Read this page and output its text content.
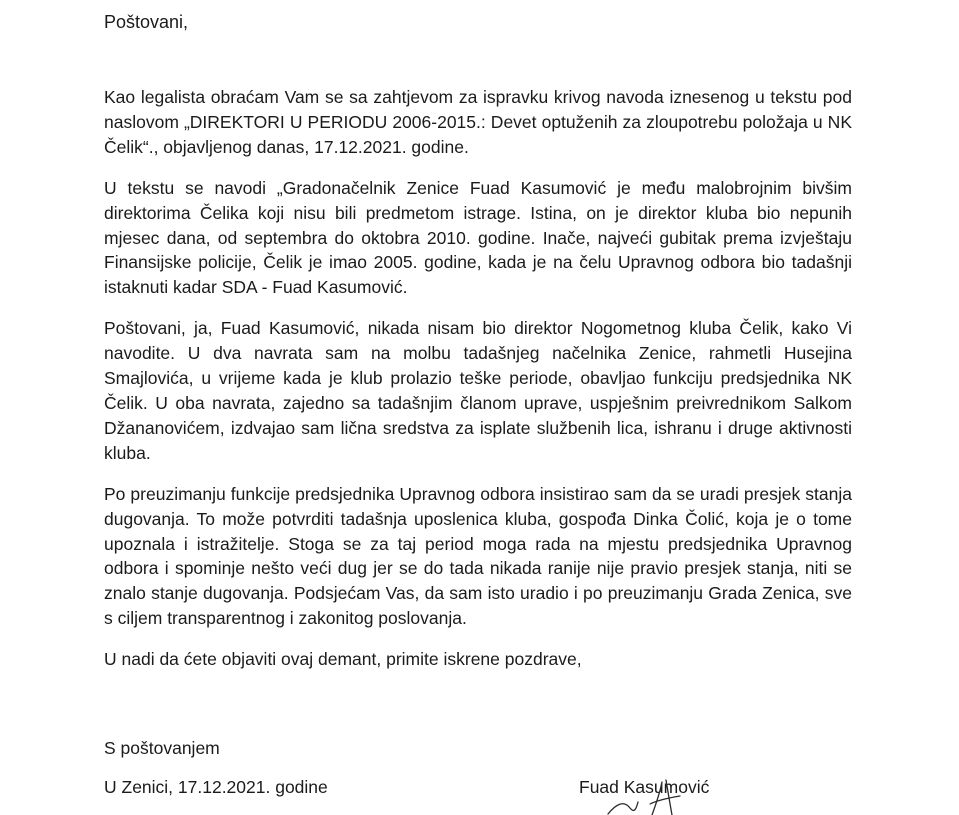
Poštovani,

Kao legalista obraćam Vam se sa zahtjevom za ispravku krivog navoda iznesenog u tekstu pod naslovom „DIREKTORI U PERIODU 2006-2015.: Devet optuženih za zloupotrebu položaja u NK Čelik“., objavljenog danas, 17.12.2021. godine.

U tekstu se navodi „Gradonačelnik Zenice Fuad Kasumović je među malobrojnim bivšim direktorima Čelika koji nisu bili predmetom istrage. Istina, on je direktor kluba bio nepunih mjesec dana, od septembra do oktobra 2010. godine. Inače, najveći gubitak prema izvještaju Finansijske policije, Čelik je imao 2005. godine, kada je na čelu Upravnog odbora bio tadašnji istaknuti kadar SDA - Fuad Kasumović.

Poštovani, ja, Fuad Kasumović, nikada nisam bio direktor Nogometnog kluba Čelik, kako Vi navodite. U dva navrata sam na molbu tadašnjeg načelnika Zenice, rahmetli Husejina Smajlovića, u vrijeme kada je klub prolazio teške periode, obavljao funkciju predsjednika NK Čelik. U oba navrata, zajedno sa tadašnjim članom uprave, uspješnim preivrednikom Salkom Džananovićem, izdvajao sam lična sredstva za isplate službenih lica, ishranu i druge aktivnosti kluba.

Po preuzimanju funkcije predsjednika Upravnog odbora insistirao sam da se uradi presjek stanja dugovanja. To može potvrditi tadašnja uposlenica kluba, gospođa Dinka Čolić, koja je o tome upoznala i istražitelje. Stoga se za taj period moga rada na mjestu predsjednika Upravnog odbora i spominje nešto veći dug jer se do tada nikada ranije nije pravio presjek stanja, niti se znalo stanje dugovanja. Podsjećam Vas, da sam isto uradio i po preuzimanju Grada Zenica, sve s ciljem transparentnog i zakonitog poslovanja.

U nadi da ćete objaviti ovaj demant, primite iskrene pozdrave,

S poštovanjem

U Zenici, 17.12.2021. godine	Fuad Kasumović
